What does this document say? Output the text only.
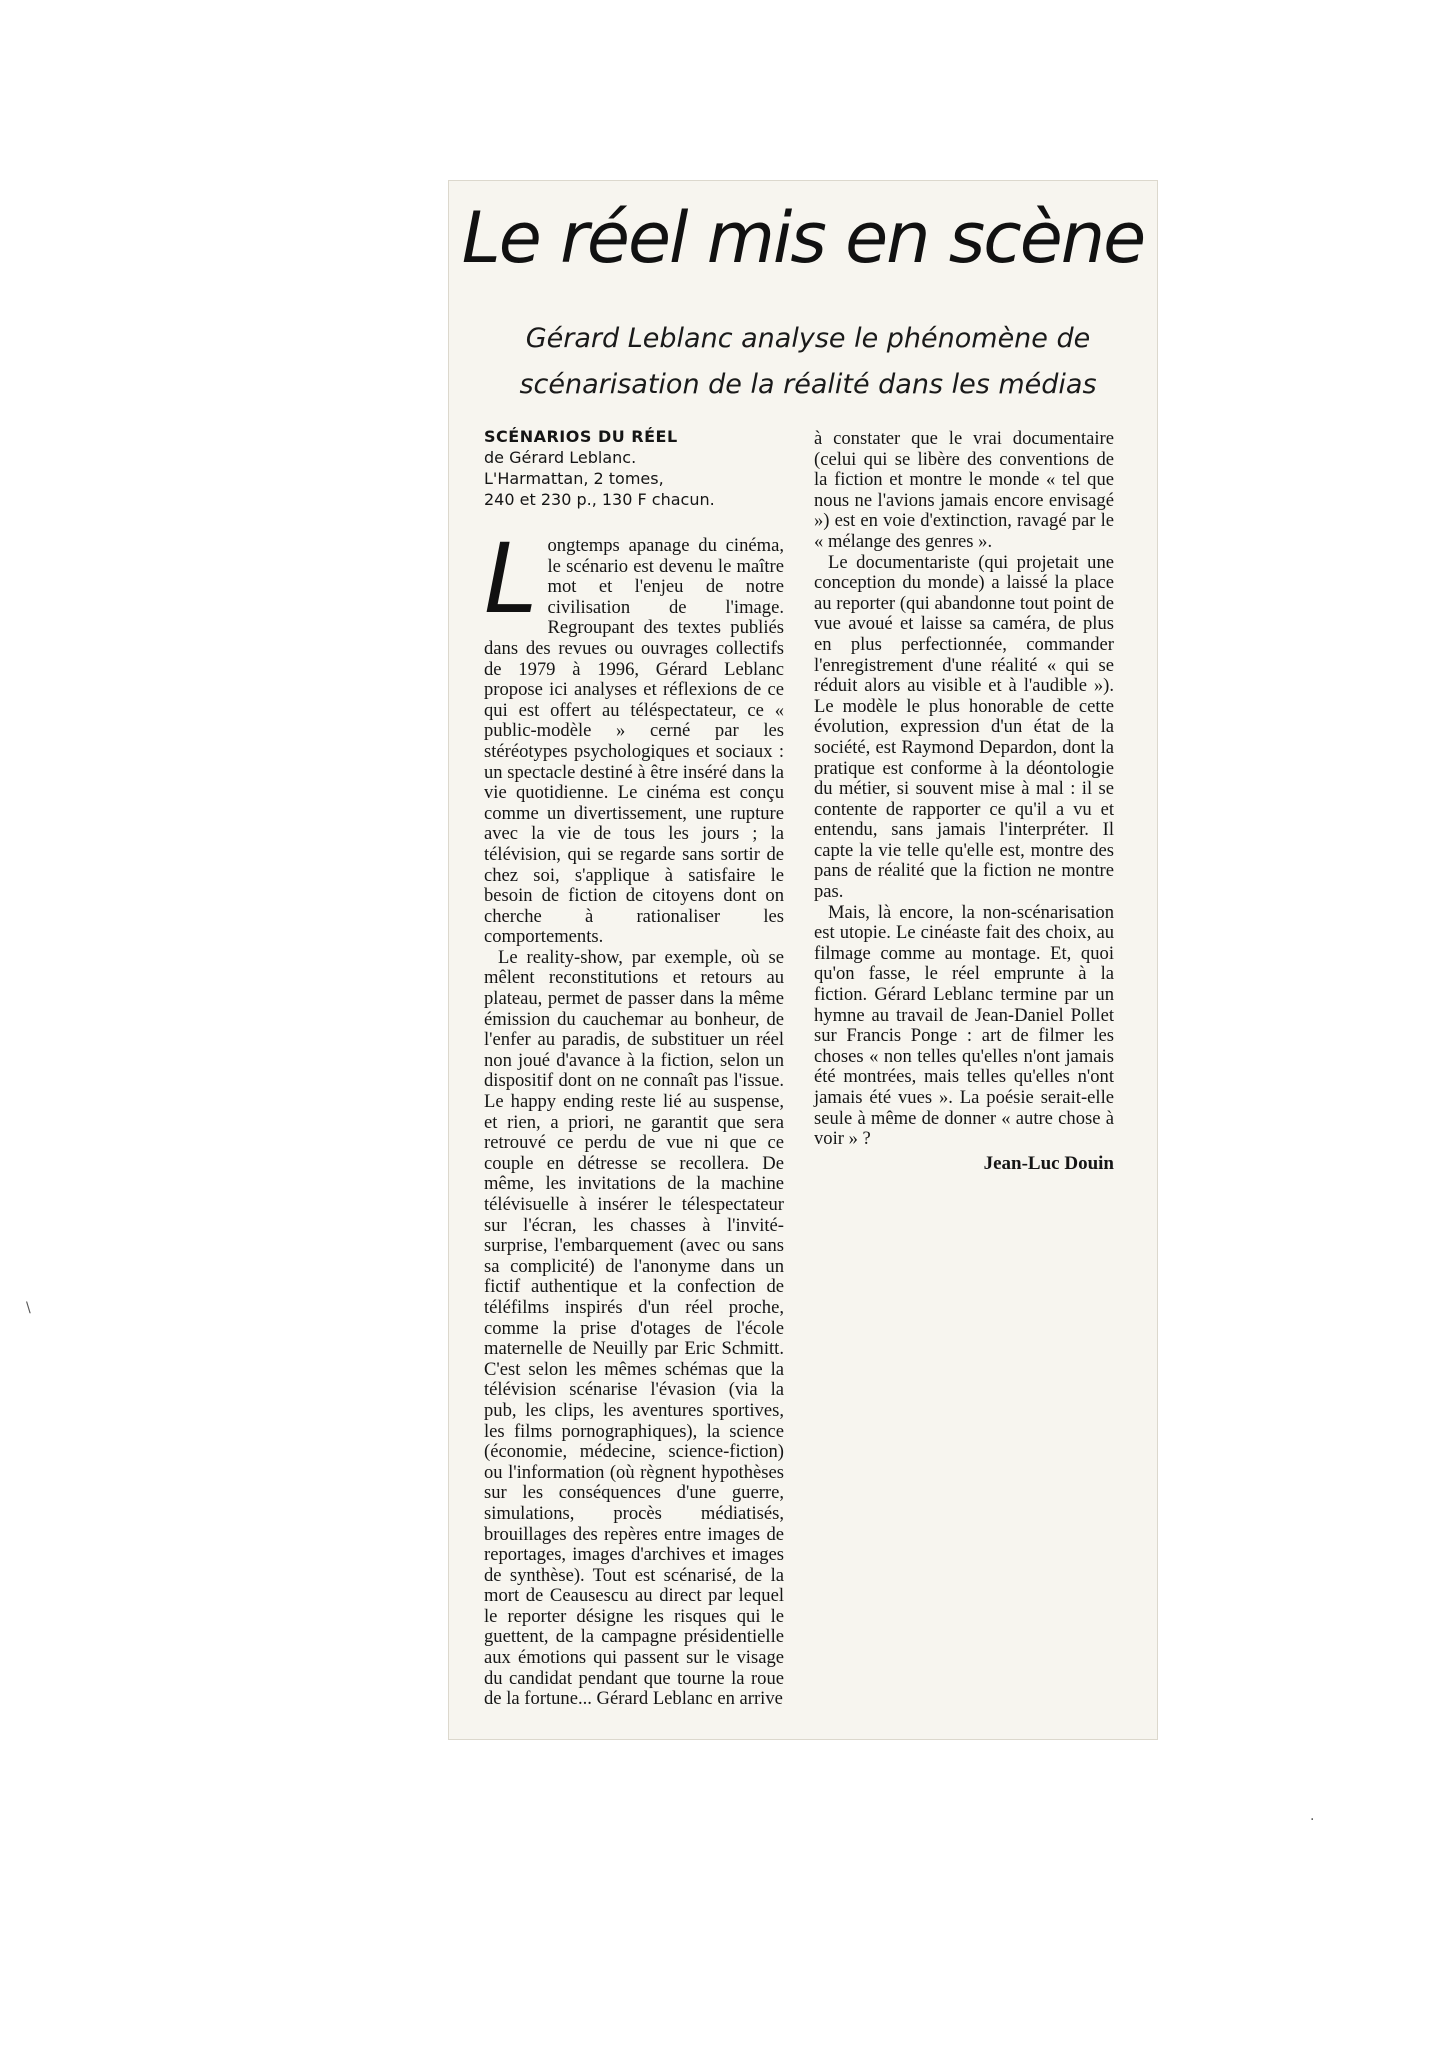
Le réel mis en scène
Gérard Leblanc analyse le phénomène de scénarisation de la réalité dans les médias
SCÉNARIOS DU RÉEL
de Gérard Leblanc.
L'Harmattan, 2 tomes,
240 et 230 p., 130 F chacun.

Longtemps apanage du cinéma, le scénario est devenu le maître mot et l'enjeu de notre civilisation de l'image. Regroupant des textes publiés dans des revues ou ouvrages collectifs de 1979 à 1996, Gérard Leblanc propose ici analyses et réflexions de ce qui est offert au téléspectateur, ce « public-modèle » cerné par les stéréotypes psychologiques et sociaux : un spectacle destiné à être inséré dans la vie quotidienne. Le cinéma est conçu comme un divertissement, une rupture avec la vie de tous les jours ; la télévision, qui se regarde sans sortir de chez soi, s'applique à satisfaire le besoin de fiction de citoyens dont on cherche à rationaliser les comportements.

Le reality-show, par exemple, où se mêlent reconstitutions et retours au plateau, permet de passer dans la même émission du cauchemar au bonheur, de l'enfer au paradis, de substituer un réel non joué d'avance à la fiction, selon un dispositif dont on ne connaît pas l'issue. Le happy ending reste lié au suspense, et rien, a priori, ne garantit que sera retrouvé ce perdu de vue ni que ce couple en détresse se recollera. De même, les invitations de la machine télévisuelle à insérer le télespectateur sur l'écran, les chasses à l'invité-surprise, l'embarquement (avec ou sans sa complicité) de l'anonyme dans un fictif authentique et la confection de téléfilms inspirés d'un réel proche, comme la prise d'otages de l'école maternelle de Neuilly par Eric Schmitt. C'est selon les mêmes schémas que la télévision scénarise l'évasion (via la pub, les clips, les aventures sportives, les films pornographiques), la science (économie, médecine, science-fiction) ou l'information (où règnent hypothèses sur les conséquences d'une guerre, simulations, procès médiatisés, brouillages des repères entre images de reportages, images d'archives et images de synthèse). Tout est scénarisé, de la mort de Ceausescu au direct par lequel le reporter désigne les risques qui le guettent, de la campagne présidentielle aux émotions qui passent sur le visage du candidat pendant que tourne la roue de la fortune... Gérard Leblanc en arrive

à constater que le vrai documentaire (celui qui se libère des conventions de la fiction et montre le monde « tel que nous ne l'avions jamais encore envisagé ») est en voie d'extinction, ravagé par le « mélange des genres ».

Le documentariste (qui projetait une conception du monde) a laissé la place au reporter (qui abandonne tout point de vue avoué et laisse sa caméra, de plus en plus perfectionnée, commander l'enregistrement d'une réalité « qui se réduit alors au visible et à l'audible »). Le modèle le plus honorable de cette évolution, expression d'un état de la société, est Raymond Depardon, dont la pratique est conforme à la déontologie du métier, si souvent mise à mal : il se contente de rapporter ce qu'il a vu et entendu, sans jamais l'interpréter. Il capte la vie telle qu'elle est, montre des pans de réalité que la fiction ne montre pas.

Mais, là encore, la non-scénarisation est utopie. Le cinéaste fait des choix, au filmage comme au montage. Et, quoi qu'on fasse, le réel emprunte à la fiction. Gérard Leblanc termine par un hymne au travail de Jean-Daniel Pollet sur Francis Ponge : art de filmer les choses « non telles qu'elles n'ont jamais été montrées, mais telles qu'elles n'ont jamais été vues ». La poésie serait-elle seule à même de donner « autre chose à voir » ?

Jean-Luc Douin
\
·
